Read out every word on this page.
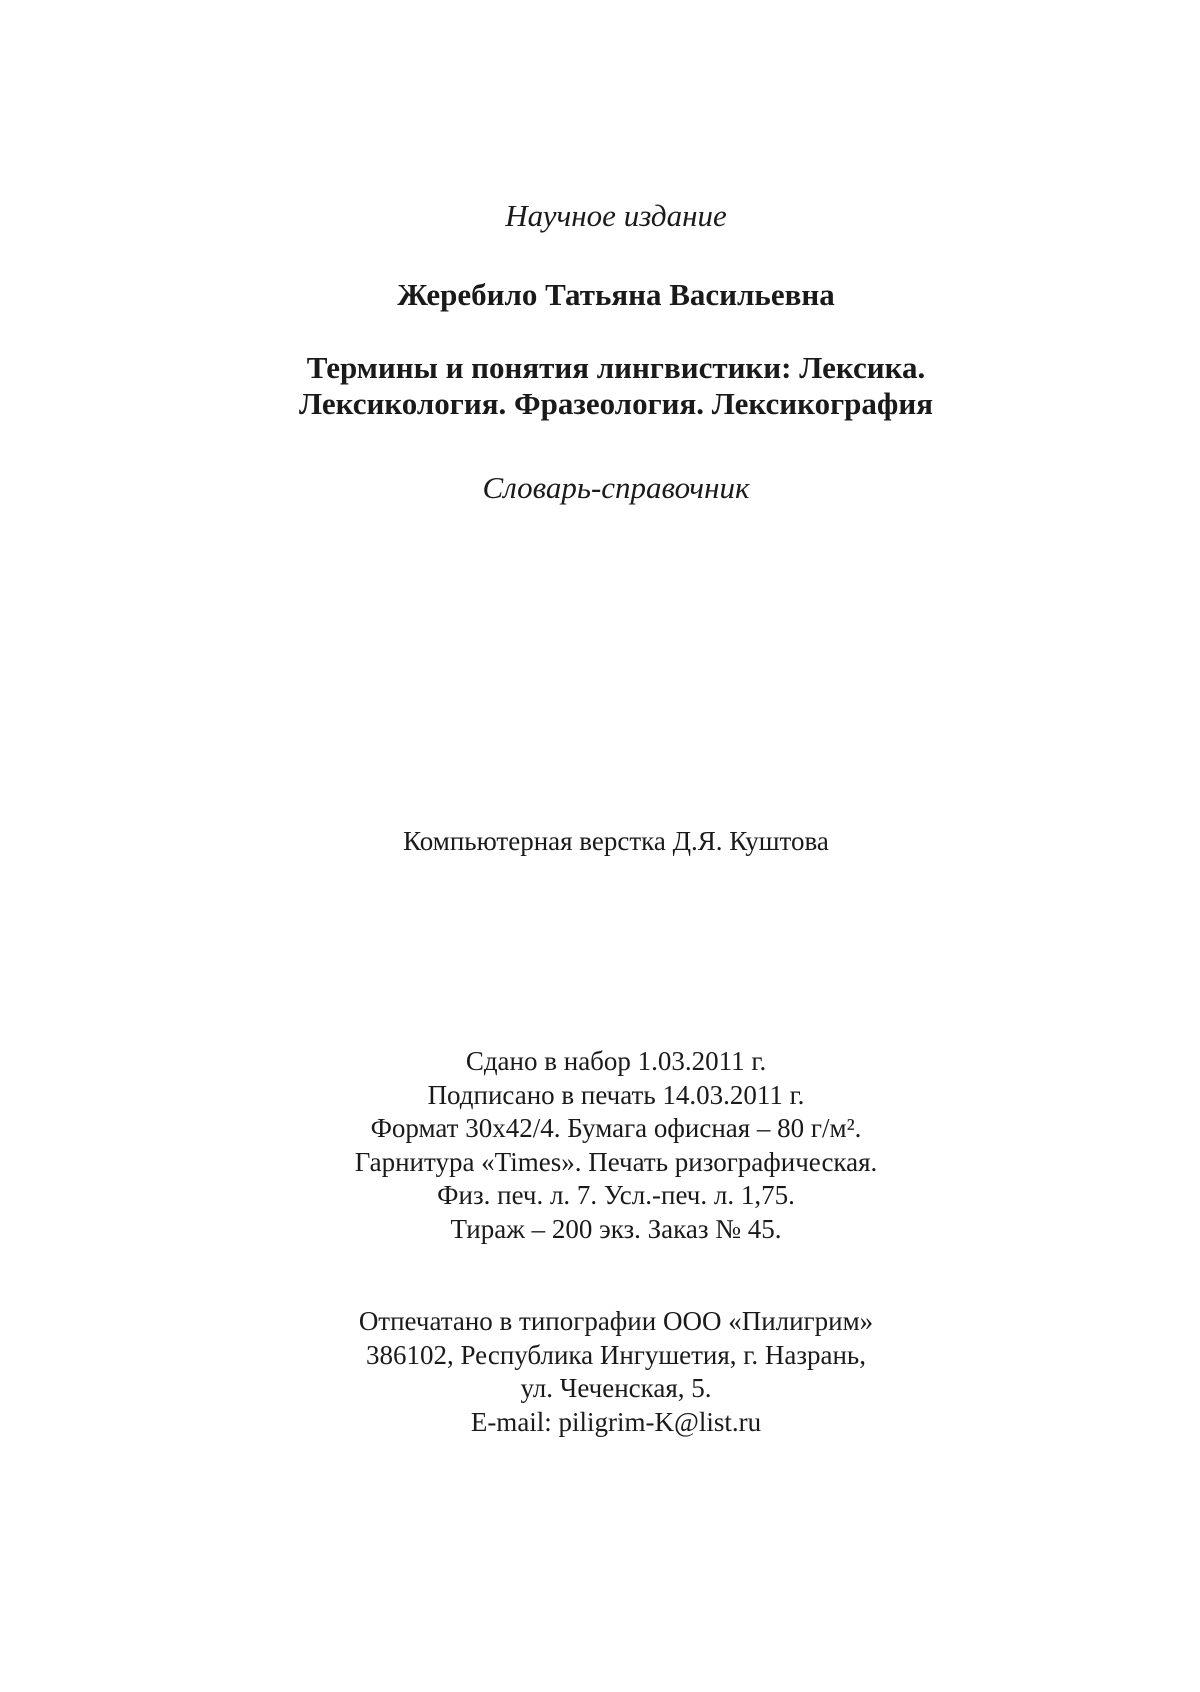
Научное издание
Жеребило Татьяна Васильевна
Термины и понятия лингвистики: Лексика.
Лексикология. Фразеология. Лексикография
Словарь-справочник
Компьютерная верстка Д.Я. Куштова
Сдано в набор 1.03.2011 г.
Подписано в печать 14.03.2011 г.
Формат 30х42/4. Бумага офисная – 80 г/м².
Гарнитура «Times». Печать ризографическая.
Физ. печ. л. 7. Усл.-печ. л. 1,75.
Тираж – 200 экз. Заказ № 45.
Отпечатано в типографии ООО «Пилигрим»
386102, Республика Ингушетия, г. Назрань,
ул. Чеченская, 5.
E-mail: piligrim-K@list.ru
